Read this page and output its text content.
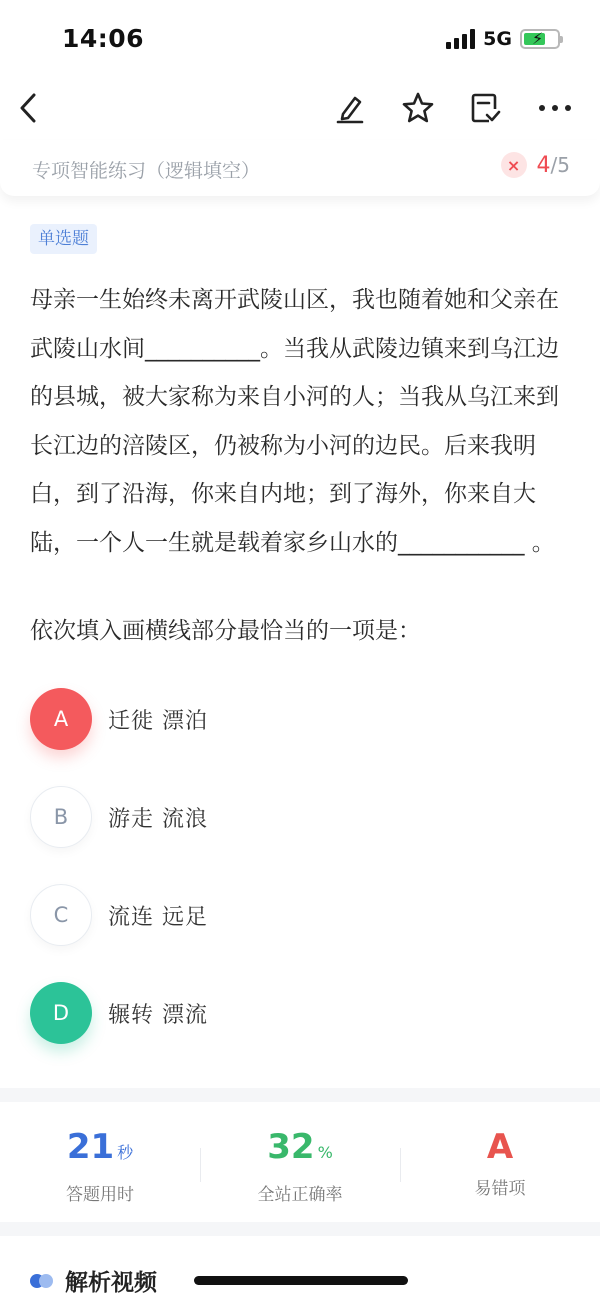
14:06	5G ⚡
专项智能练习（逻辑填空）	× 4/5
单选题
母亲一生始终未离开武陵山区，我也随着她和父亲在武陵山水间__________。当我从武陵边镇来到乌江边的县城，被大家称为来自小河的人；当我从乌江来到长江边的涪陵区，仍被称为小河的边民。后来我明白，到了沿海，你来自内地；到了海外，你来自大陆，一个人一生就是载着家乡山水的___________ 。
依次填入画横线部分最恰当的一项是：
A	迁徙 漂泊
B	游走 流浪
C	流连 远足
D	辗转 漂流
21 秒
答题用时
32 %
全站正确率
A
易错项
解析视频
